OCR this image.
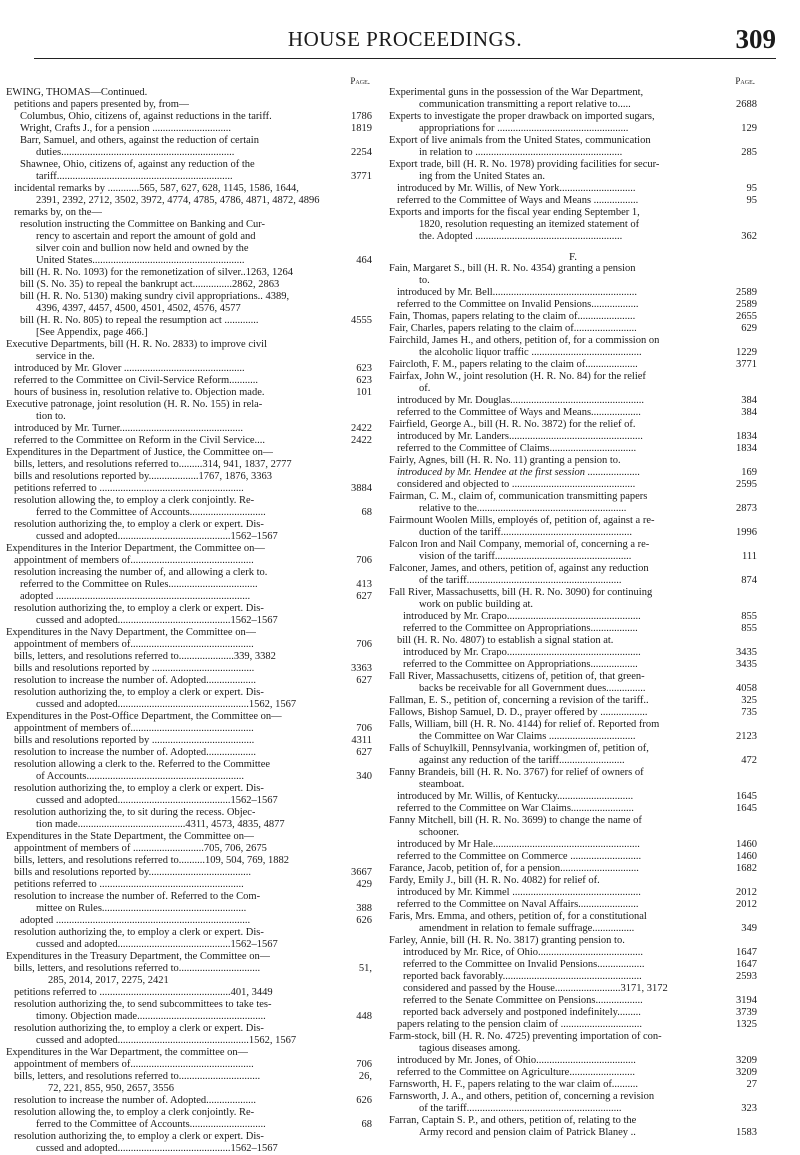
HOUSE PROCEEDINGS.	309
Page.
EWING, THOMAS—Continued.
petitions and papers presented by, from—
Columbus, Ohio, citizens of, against reductions in the tariff.	1786
Wright, Crafts J., for a pension ..............................	1819
Barr, Samuel, and others, against the reduction of certain
duties..................................................................	2254
Shawnee, Ohio, citizens of, against any reduction of the
tariff...................................................................	3771
incidental remarks by ............565, 587, 627, 628, 1145, 1586, 1644,
2391, 2392, 2712, 3502, 3972, 4774, 4785, 4786, 4871, 4872, 4896
remarks by, on the—
resolution instructing the Committee on Banking and Cur-
rency to ascertain and report the amount of gold and
silver coin and bullion now held and owned by the
United States..........................................................	464
bill (H. R. No. 1093) for the remonetization of silver..1263, 1264
bill (S. No. 35) to repeal the bankrupt act...............2862, 2863
bill (H. R. No. 5130) making sundry civil appropriations.. 4389,
4396, 4397, 4457, 4500, 4501, 4502, 4576, 4577
bill (H. R. No. 805) to repeal the resumption act .............	4555
[See Appendix, page 466.]
Executive Departments, bill (H. R. No. 2833) to improve civil
service in the.
introduced by Mr. Glover ..............................................	623
referred to the Committee on Civil-Service Reform...........	623
hours of business in, resolution relative to. Objection made.	101
Executive patronage, joint resolution (H. R. No. 155) in rela-
tion to.
introduced by Mr. Turner...............................................	2422
referred to the Committee on Reform in the Civil Service....	2422
Expenditures in the Department of Justice, the Committee on—
bills, letters, and resolutions referred to.........314, 941, 1837, 2777
bills and resolutions reported by...................1767, 1876, 3363
petitions referred to .......................................................	3884
resolution allowing the, to employ a clerk conjointly. Re-
ferred to the Committee of Accounts.............................	68
resolution authorizing the, to employ a clerk or expert. Dis-
cussed and adopted...........................................1562–1567
Expenditures in the Interior Department, the Committee on—
appointment of members of...............................................	706
resolution increasing the number of, and allowing a clerk to.
referred to the Committee on Rules..................................	413
adopted ..........................................................................	627
resolution authorizing the, to employ a clerk or expert. Dis-
cussed and adopted...........................................1562–1567
Expenditures in the Navy Department, the Committee on—
appointment of members of...............................................	706
bills, letters, and resolutions referred to.....................339, 3382
bills and resolutions reported by .......................................	3363
resolution to increase the number of. Adopted...................	627
resolution authorizing the, to employ a clerk or expert. Dis-
cussed and adopted..................................................1562, 1567
Expenditures in the Post-Office Department, the Committee on—
appointment of members of...............................................	706
bills and resolutions reported by .......................................	4311
resolution to increase the number of. Adopted...................	627
resolution allowing a clerk to the. Referred to the Committee
of Accounts............................................................	340
resolution authorizing the, to employ a clerk or expert. Dis-
cussed and adopted...........................................1562–1567
resolution authorizing the, to sit during the recess. Objec-
tion made.........................................4311, 4573, 4835, 4877
Expenditures in the State Department, the Committee on—
appointment of members of ...........................705, 706, 2675
bills, letters, and resolutions referred to..........109, 504, 769, 1882
bills and resolutions reported by.......................................	3667
petitions referred to .......................................................	429
resolution to increase the number of. Referred to the Com-
mittee on Rules.......................................................	388
adopted ..........................................................................	626
resolution authorizing the, to employ a clerk or expert. Dis-
cussed and adopted...........................................1562–1567
Expenditures in the Treasury Department, the Committee on—
bills, letters, and resolutions referred to...............................	51,
285, 2014, 2017, 2275, 2421
petitions referred to ..................................................401, 3449
resolution authorizing the, to send subcommittees to take tes-
timony. Objection made.................................................	448
resolution authorizing the, to employ a clerk or expert. Dis-
cussed and adopted..................................................1562, 1567
Expenditures in the War Department, the committee on—
appointment of members of...............................................	706
bills, letters, and resolutions referred to...............................	26,
72, 221, 855, 950, 2657, 3556
resolution to increase the number of. Adopted...................	626
resolution allowing the, to employ a clerk conjointly. Re-
ferred to the Committee of Accounts.............................	68
resolution authorizing the, to employ a clerk or expert. Dis-
cussed and adopted...........................................1562–1567
Page.
Experimental guns in the possession of the War Department,
communication transmitting a report relative to.....	2688
Experts to investigate the proper drawback on imported sugars,
appropriations for ..................................................	129
Export of live animals from the United States, communication
in relation to ........................................................	285
Export trade, bill (H. R. No. 1978) providing facilities for secur-
ing from the United States an.
introduced by Mr. Willis, of New York.............................	95
referred to the Committee of Ways and Means .................	95
Exports and imports for the fiscal year ending September 1,
1820, resolution requesting an itemized statement of
the. Adopted ........................................................	362
F.
Fain, Margaret S., bill (H. R. No. 4354) granting a pension
to.
introduced by Mr. Bell.......................................................	2589
referred to the Committee on Invalid Pensions..................	2589
Fain, Thomas, papers relating to the claim of......................	2655
Fair, Charles, papers relating to the claim of........................	629
Fairchild, James H., and others, petition of, for a commission on
the alcoholic liquor traffic ..........................................	1229
Faircloth, F. M., papers relating to the claim of....................	3771
Fairfax, John W., joint resolution (H. R. No. 84) for the relief
of.
introduced by Mr. Douglas...................................................	384
referred to the Committee of Ways and Means...................	384
Fairfield, George A., bill (H. R. No. 3872) for the relief of.
introduced by Mr. Landers...................................................	1834
referred to the Committee of Claims.................................	1834
Fairly, Agnes, bill (H. R. No. 11) granting a pension to.
introduced by Mr. Hendee at the first session ....................	169
considered and objected to ...............................................	2595
Fairman, C. M., claim of, communication transmitting papers
relative to the.........................................................	2873
Fairmount Woolen Mills, employés of, petition of, against a re-
duction of the tariff..................................................	1996
Falcon Iron and Nail Company, memorial of, concerning a re-
vision of the tariff....................................................	111
Falconer, James, and others, petition of, against any reduction
of the tariff...........................................................	874
Fall River, Massachusetts, bill (H. R. No. 3090) for continuing
work on public building at.
introduced by Mr. Crapo...................................................	855
referred to the Committee on Appropriations..................	855
bill (H. R. No. 4807) to establish a signal station at.
introduced by Mr. Crapo...................................................	3435
referred to the Committee on Appropriations..................	3435
Fall River, Massachusetts, citizens of, petition of, that green-
backs be receivable for all Government dues...............	4058
Fallman, E. S., petition of, concerning a revision of the tariff..	325
Fallows, Bishop Samuel, D. D., prayer offered by ..................	735
Falls, William, bill (H. R. No. 4144) for relief of. Reported from
the Committee on War Claims .................................	2123
Falls of Schuylkill, Pennsylvania, workingmen of, petition of,
against any reduction of the tariff.........................	472
Fanny Brandeis, bill (H. R. No. 3767) for relief of owners of
steamboat.
introduced by Mr. Willis, of Kentucky.............................	1645
referred to the Committee on War Claims........................	1645
Fanny Mitchell, bill (H. R. No. 3699) to change the name of
schooner.
introduced by Mr Hale........................................................	1460
referred to the Committee on Commerce ...........................	1460
Farance, Jacob, petition of, for a pension..............................	1682
Fardy, Emily J., bill (H. R. No. 4082) for relief of.
introduced by Mr. Kimmel .................................................	2012
referred to the Committee on Naval Affairs.......................	2012
Faris, Mrs. Emma, and others, petition of, for a constitutional
amendment in relation to female suffrage................	349
Farley, Annie, bill (H. R. No. 3817) granting pension to.
introduced by Mr. Rice, of Ohio........................................	1647
referred to the Committee on Invalid Pensions..................	1647
reported back favorably.....................................................	2593
considered and passed by the House.........................3171, 3172
referred to the Senate Committee on Pensions..................	3194
reported back adversely and postponed indefinitely.........	3739
papers relating to the pension claim of ...............................	1325
Farm-stock, bill (H. R. No. 4725) preventing importation of con-
tagious diseases among.
introduced by Mr. Jones, of Ohio......................................	3209
referred to the Committee on Agriculture.........................	3209
Farnsworth, H. F., papers relating to the war claim of..........	27
Farnsworth, J. A., and others, petition of, concerning a revision
of the tariff...........................................................	323
Farran, Captain S. P., and others, petition of, relating to the
Army record and pension claim of Patrick Blaney ..	1583
